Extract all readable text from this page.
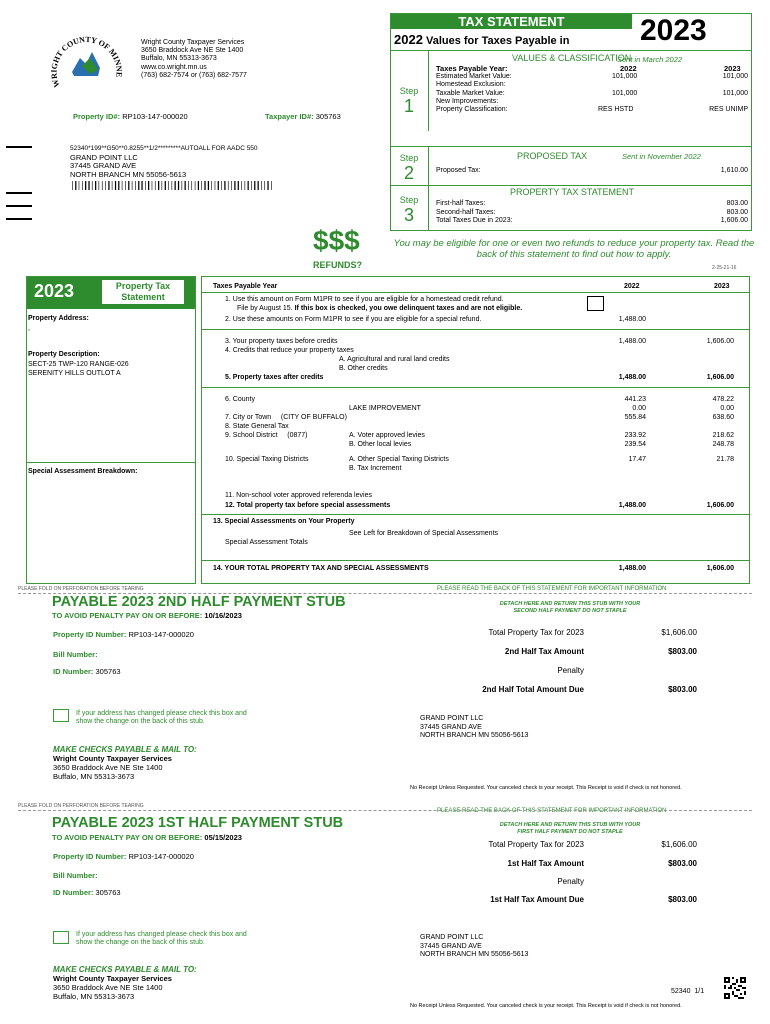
WRIGHT COUNTY OF MINNE
Wright County Taxpayer Services
3650 Braddock Ave NE Ste 1400
Buffalo, MN 55313-3673
www.co.wright.mn.us
(763) 682-7574 or (763) 682-7577
Property ID#: RP103-147-000020	Taxpayer ID#: 305763
52340*199**G50**0.8255**1/2*********AUTOALL FOR AADC 550
GRAND POINT LLC
37445 GRAND AVE
NORTH BRANCH MN 55056-5613
│┃││┃┃│┃│││┃│┃┃││┃││┃┃│┃││┃│┃││┃┃│┃│││┃│┃┃││┃│┃││┃┃││┃│┃┃││┃│
TAX STATEMENT	2023
2022 Values for Taxes Payable in
Step
1
VALUES & CLASSIFICATION
Sent in March 2022
Taxes Payable Year:	2022	2023
Estimated Market Value:	101,000	101,000
Homestead Exclusion:
Taxable Market Value:	101,000	101,000
New Improvements:
Property Classification:	RES HSTD	RES UNIMP
Step
2
PROPOSED TAX	Sent in November 2022
Proposed Tax:	1,610.00
Step
3
PROPERTY TAX STATEMENT
First-half Taxes:	803.00
Second-half Taxes:	803.00
Total Taxes Due in 2023:	1,606.00
$$$
REFUNDS?
You may be eligible for one or even two refunds to reduce your property tax. Read the back of this statement to find out how to apply.
2-25-21-16
2023	Property Tax Statement
Property Address:
,
Property Description:
SECT-25 TWP-120 RANGE-026
SERENITY HILLS OUTLOT A
Special Assessment Breakdown:
Taxes Payable Year	2022	2023
1. Use this amount on Form M1PR to see if you are eligible for a homestead credit refund.
File by August 15. If this box is checked, you owe delinquent taxes and are not eligible.
2. Use these amounts on Form M1PR to see if you are eligible for a special refund.	1,488.00
3. Your property taxes before credits	1,488.00	1,606.00
4. Credits that reduce your property taxes
A. Agricultural and rural land credits
B. Other credits
5. Property taxes after credits	1,488.00	1,606.00
6. County	441.23	478.22
LAKE IMPROVEMENT	0.00	0.00
7. City or Town (CITY OF BUFFALO)	555.84	638.60
8. State General Tax
9. School District (0877)	A. Voter approved levies	233.92	218.62
B. Other local levies	239.54	248.78
10. Special Taxing Districts	A. Other Special Taxing Districts	17.47	21.78
B. Tax Increment
11. Non-school voter approved referenda levies
12. Total property tax before special assessments	1,488.00	1,606.00
13. Special Assessments on Your Property
See Left for Breakdown of Special Assessments
Special Assessment Totals
14. YOUR TOTAL PROPERTY TAX AND SPECIAL ASSESSMENTS	1,488.00	1,606.00
PLEASE FOLD ON PERFORATION BEFORE TEARING	PLEASE READ THE BACK OF THIS STATEMENT FOR IMPORTANT INFORMATION
PAYABLE 2023 2ND HALF PAYMENT STUB
TO AVOID PENALTY PAY ON OR BEFORE: 10/16/2023
DETACH HERE AND RETURN THIS STUB WITH YOUR
SECOND HALF PAYMENT DO NOT STAPLE
Property ID Number: RP103-147-000020
Bill Number:
ID Number: 305763
Total Property Tax for 2023	$1,606.00
2nd Half Tax Amount	$803.00
Penalty
2nd Half Total Amount Due	$803.00
If your address has changed please check this box and
show the change on the back of this stub.	GRAND POINT LLC
37445 GRAND AVE
NORTH BRANCH MN 55056-5613
MAKE CHECKS PAYABLE & MAIL TO:
Wright County Taxpayer Services
3650 Braddock Ave NE Ste 1400
Buffalo, MN 55313-3673
No Receipt Unless Requested. Your canceled check is your receipt. This Receipt is void if check is not honored.
PLEASE FOLD ON PERFORATION BEFORE TEARING
PLEASE READ THE BACK OF THIS STATEMENT FOR IMPORTANT INFORMATION
PAYABLE 2023 1ST HALF PAYMENT STUB
TO AVOID PENALTY PAY ON OR BEFORE: 05/15/2023
DETACH HERE AND RETURN THIS STUB WITH YOUR
FIRST HALF PAYMENT DO NOT STAPLE
Property ID Number: RP103-147-000020
Bill Number:
ID Number: 305763
Total Property Tax for 2023	$1,606.00
1st Half Tax Amount	$803.00
Penalty
1st Half Tax Amount Due	$803.00
If your address has changed please check this box and
show the change on the back of this stub.
GRAND POINT LLC
37445 GRAND AVE
NORTH BRANCH MN 55056-5613
MAKE CHECKS PAYABLE & MAIL TO:
Wright County Taxpayer Services
3650 Braddock Ave NE Ste 1400
Buffalo, MN 55313-3673
52340 1/1
No Receipt Unless Requested. Your canceled check is your receipt. This Receipt is void if check is not honored.
